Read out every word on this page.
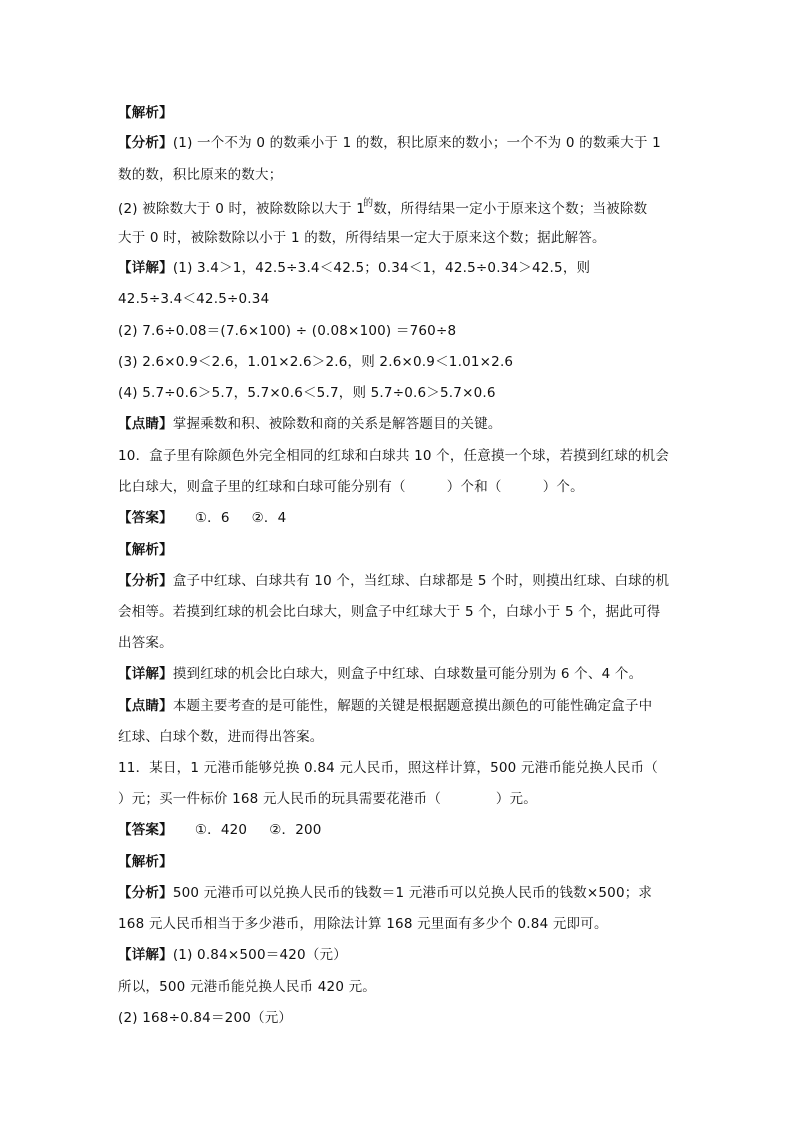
【解析】
【分析】(1) 一个不为 0 的数乘小于 1 的数，积比原来的数小；一个不为 0 的数乘大于 1
数的数，积比原来的数大；
(2) 被除数大于 0 时，被除数除以大于 $1^的$数，所得结果一定小于原来这个数；当被除数
大于 0 时，被除数除以小于 1 的数，所得结果一定大于原来这个数；据此解答。
【详解】(1) 3.4＞1，42.5÷3.4＜42.5；0.34＜1，42.5÷0.34＞42.5，则
42.5÷3.4＜42.5÷0.34
(2) 7.6÷0.08＝(7.6×100) ÷ (0.08×100) ＝760÷8
(3) 2.6×0.9＜2.6，1.01×2.6＞2.6，则 2.6×0.9＜1.01×2.6
(4) 5.7÷0.6＞5.7，5.7×0.6＜5.7，则 5.7÷0.6＞5.7×0.6
【点睛】掌握乘数和积、被除数和商的关系是解答题目的关键。
10．盒子里有除颜色外完全相同的红球和白球共 10 个，任意摸一个球，若摸到红球的机会
比白球大，则盒子里的红球和白球可能分别有（　　　）个和（　　　）个。
【答案】 ①．6 ②．4
【解析】
【分析】盒子中红球、白球共有 10 个，当红球、白球都是 5 个时，则摸出红球、白球的机
会相等。若摸到红球的机会比白球大，则盒子中红球大于 5 个，白球小于 5 个，据此可得
出答案。
【详解】摸到红球的机会比白球大，则盒子中红球、白球数量可能分别为 6 个、4 个。
【点睛】本题主要考查的是可能性，解题的关键是根据题意摸出颜色的可能性确定盒子中
红球、白球个数，进而得出答案。
11．某日，1 元港币能够兑换 0.84 元人民币，照这样计算，500 元港币能兑换人民币（
）元；买一件标价 168 元人民币的玩具需要花港币（　　　　）元。
【答案】 ①．420 ②．200
【解析】
【分析】500 元港币可以兑换人民币的钱数＝1 元港币可以兑换人民币的钱数×500；求
168 元人民币相当于多少港币，用除法计算 168 元里面有多少个 0.84 元即可。
【详解】(1) 0.84×500＝420（元）
所以，500 元港币能兑换人民币 420 元。
(2) 168÷0.84＝200（元）
